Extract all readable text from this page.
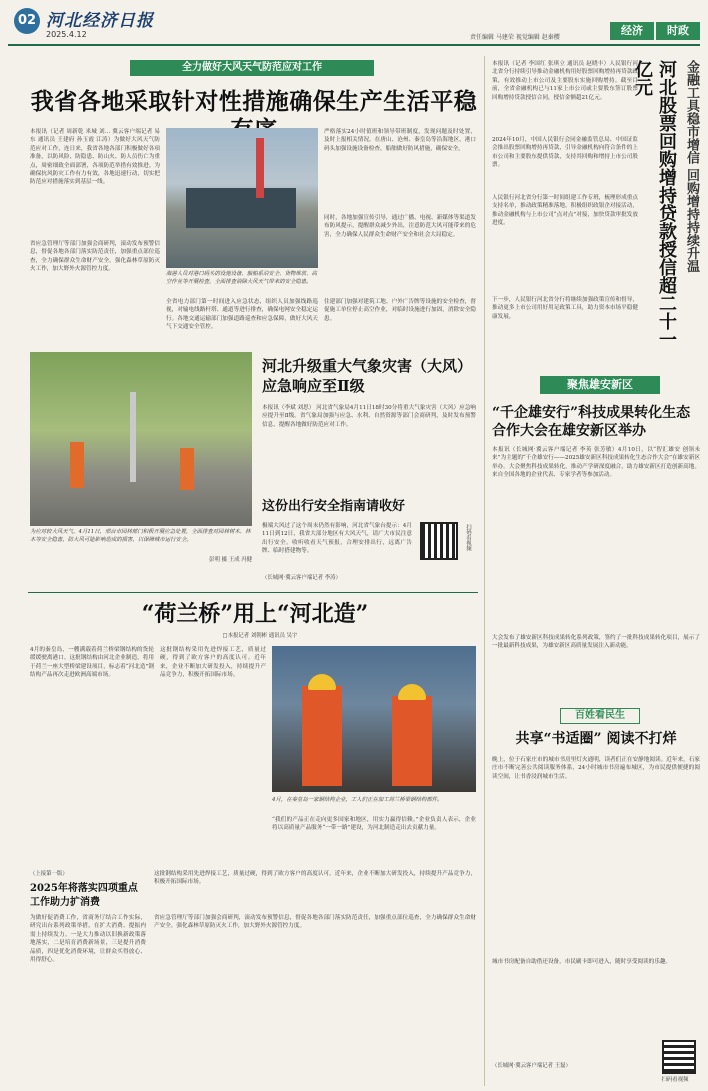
02 河北经济日报
2025.4.12	责任编辑 马建荣 视觉编辑 赵秦樱
经济	时政
全力做好大风天气防范应对工作
我省各地采取针对性措施确保生产生活平稳
本报讯（记者 周新乾 米城 刘… 冀云客户端记者 易东 通讯员 王建府 孙玉霞 江涛）为做好大风天气防范应对工作，连日来，我省各地各部门积极做好各项准备，以防风险、防隐患、防山火、防人员伤亡为重点，周密细致全面部署，各项防范举措有效推进。为确保抗风防灾工作有力有效，各地迅速行动，切实把防范应对措施落实到基层一线。
省应急管理厅等部门加强会商研判，滚动发布预警信息，督促各地各部门落实防范责任，加强重点部位巡查，全力确保群众生命财产安全。强化森林草原防灭火工作，加大野外火源管控力度。
海港人员对港口码头的设施设备、船舶系泊安全、货物堆放、高空作业等开展检查，全面排查消除大风天气带来的安全隐患。
全省电力部门第一时间进入应急状态，组织人员加强线路巡视，对输电线路杆塔、通道等进行排查，确保电网安全稳定运行。各地交通运输部门加强道路巡查和应急保障，做好大风天气下交通安全管控。
住建部门加强对建筑工地、户外广告牌等设施的安全检查，督促施工单位停止高空作业，对临时设施进行加固，消除安全隐患。
严格落实24小时值班和领导带班制度，发现问题及时处置，及时上报相关情况。在唐山、沧州、秦皇岛等沿海地区，港口码头加强设施设备检查，船舶做好防风措施，确保安全。
同时，各地加强宣传引导，通过广播、电视、新媒体等渠道发布防风提示，提醒群众减少外出，注意防范大风可能带来的危害，全力确保人民群众生命财产安全和社会大局稳定。
为应对较大风天气，4月11日，邢台市园林部门积极开展应急处置，全面排查对园林树木、林木等安全隐患，防大风可能影响造成的损害，以保障城市运行安全。
彭明 摄 王成 冯健
河北升级重大气象灾害（大风）应急响应至Ⅱ级
本报讯（李斌 刘思） 河北省气象局4月11日18时30分将重大气象灾害（大风）应急响应提升至Ⅱ级。省气象局加强与应急、水利、自然资源等部门会商研判，及时发布预警信息，提醒各地做好防范应对工作。
这份出行安全指南请收好
极端大风过了这个周末仍然有影响，河北省气象台提示：4月11日到12日，我省大部分地区有大风天气，请广大市民注意出行安全。收听收看天气预报，合理安排出行，远离广告牌、临时搭建物等。
（长城网·冀云客户端记者 李涛）
扫码看视频
“荷兰桥”用上“河北造”
□本报记者 刘朝彬 通讯员 吴宇
4月的秦皇岛，一艘满载着荷兰桥梁钢结构的货轮缓缓驶离港口。这批钢结构由河北企业制造，将用于荷兰一座大型桥梁建设项目，标志着“河北造”钢结构产品再次走进欧洲高端市场。
这批钢结构采用先进焊接工艺，质量过硬，得到了欧方客户的高度认可。近年来，企业不断加大研发投入，持续提升产品竞争力，积极开拓国际市场。
4月，在秦皇岛一家钢结构企业，工人们正在加工荷兰桥梁钢结构部件。
“我们的产品正在走向更多国家和地区，用实力赢得信赖。”企业负责人表示，企业将以高质量产品服务“一带一路”建设，为河北制造走出去贡献力量。
（上接第一版）
2025年将落实四项重点工作助力扩消费
为做好促消费工作，省商务厅结合工作实际，研究出台系列政策举措，在扩大消费、提振内需上持续发力。一是大力推动以旧换新政策落地落实，二是培育消费新场景，三是提升消费品质，四是优化消费环境，让群众买得放心、用得舒心。
这批钢结构采用先进焊接工艺，质量过硬，得到了欧方客户的高度认可。近年来，企业不断加大研发投入，持续提升产品竞争力，积极开拓国际市场。
省应急管理厅等部门加强会商研判，滚动发布预警信息，督促各地各部门落实防范责任，加强重点部位巡查，全力确保群众生命财产安全。强化森林草原防灭火工作，加大野外火源管控力度。
本报讯（记者 李国红 张琪立 通讯员 赵晓丰）人民银行河北省分行持续引导推动金融机构用好股票回购增持再贷款政策，有效推动上市公司及主要股东实施回购增持。截至目前，全省金融机构已与11家上市公司或主要股东签订股票回购增持贷款授信合同，授信金额超21亿元。
2024年10月，中国人民银行会同金融监管总局、中国证监会推出股票回购增持再贷款，引导金融机构向符合条件的上市公司和主要股东提供贷款，支持其回购和增持上市公司股票。
人民银行河北省分行第一时间组建工作专班，梳理形成重点支持名单，推动政策精准落地。积极组织政银企对接活动，推动金融机构与上市公司“点对点”对接，加快贷款审批发放进度。
下一步，人民银行河北省分行将继续加强政策宣传和督导，推动更多上市公司用好用足政策工具，助力资本市场平稳健康发展。	河北股票回购增持贷款授信超二十一亿元	金融工具稳市增信 回购增持持续升温
聚焦雄安新区
“千企雄安行”科技成果转化生态合作大会在雄安新区举办
本报讯（长城网·冀云客户端记者 李英 张芳敏）4月10日，以“智汇雄安 创领未来”为主题的“千企雄安行——2025雄安新区科技成果转化生态合作大会”在雄安新区举办。大会聚焦科技成果转化，推动产学研深度融合，助力雄安新区打造创新高地。来自全国各地的企业代表、专家学者等参加活动。
大会发布了雄安新区科技成果转化系列政策，签约了一批科技成果转化项目，展示了一批最新科技成果，为雄安新区高质量发展注入新动能。
百姓看民生
共享“书适圈” 阅读不打烊
晚上，位于石家庄市的城市书房里灯火通明，读者们正在安静地阅读。近年来，石家庄市不断完善公共阅读服务体系，24小时城市书房遍布城区，为市民提供便捷的阅读空间，让书香浸润城市生活。
城市书房配备自助借还设备，市民刷卡即可进入，随时享受阅读的乐趣。
（长城网·冀云客户端记者 王磊）
扫码看视频
